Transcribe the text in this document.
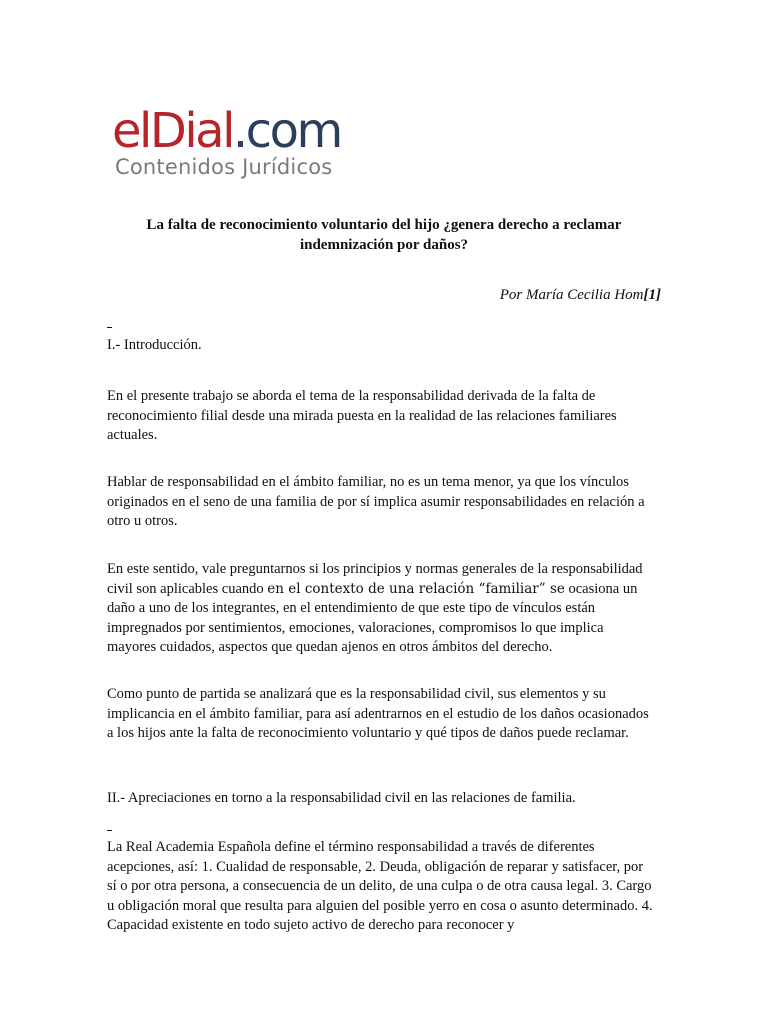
elDial.com
Contenidos Jurídicos
La falta de reconocimiento voluntario del hijo ¿genera derecho a reclamar indemnización por daños?
Por María Cecilia Hom[1]
I.- Introducción.
En el presente trabajo se aborda el tema de la responsabilidad derivada de la falta de reconocimiento filial desde una mirada puesta en la realidad de las relaciones familiares actuales.
Hablar de responsabilidad en el ámbito familiar, no es un tema menor, ya que los vínculos originados en el seno de una familia de por sí implica asumir responsabilidades en relación a otro u otros.
En este sentido, vale preguntarnos si los principios y normas generales de la responsabilidad civil son aplicables cuando en el contexto de una relación “familiar” se ocasiona un daño a uno de los integrantes, en el entendimiento de que este tipo de vínculos están impregnados por sentimientos, emociones, valoraciones, compromisos lo que implica mayores cuidados, aspectos que quedan ajenos en otros ámbitos del derecho.
Como punto de partida se analizará que es la responsabilidad civil, sus elementos y su implicancia en el ámbito familiar, para así adentrarnos en el estudio de los daños ocasionados a los hijos ante la falta de reconocimiento voluntario y qué tipos de daños puede reclamar.
II.- Apreciaciones en torno a la responsabilidad civil en las relaciones de familia.
La Real Academia Española define el término responsabilidad a través de diferentes acepciones, así: 1. Cualidad de responsable, 2. Deuda, obligación de reparar y satisfacer, por sí o por otra persona, a consecuencia de un delito, de una culpa o de otra causa legal. 3. Cargo u obligación moral que resulta para alguien del posible yerro en cosa o asunto determinado. 4. Capacidad existente en todo sujeto activo de derecho para reconocer y
